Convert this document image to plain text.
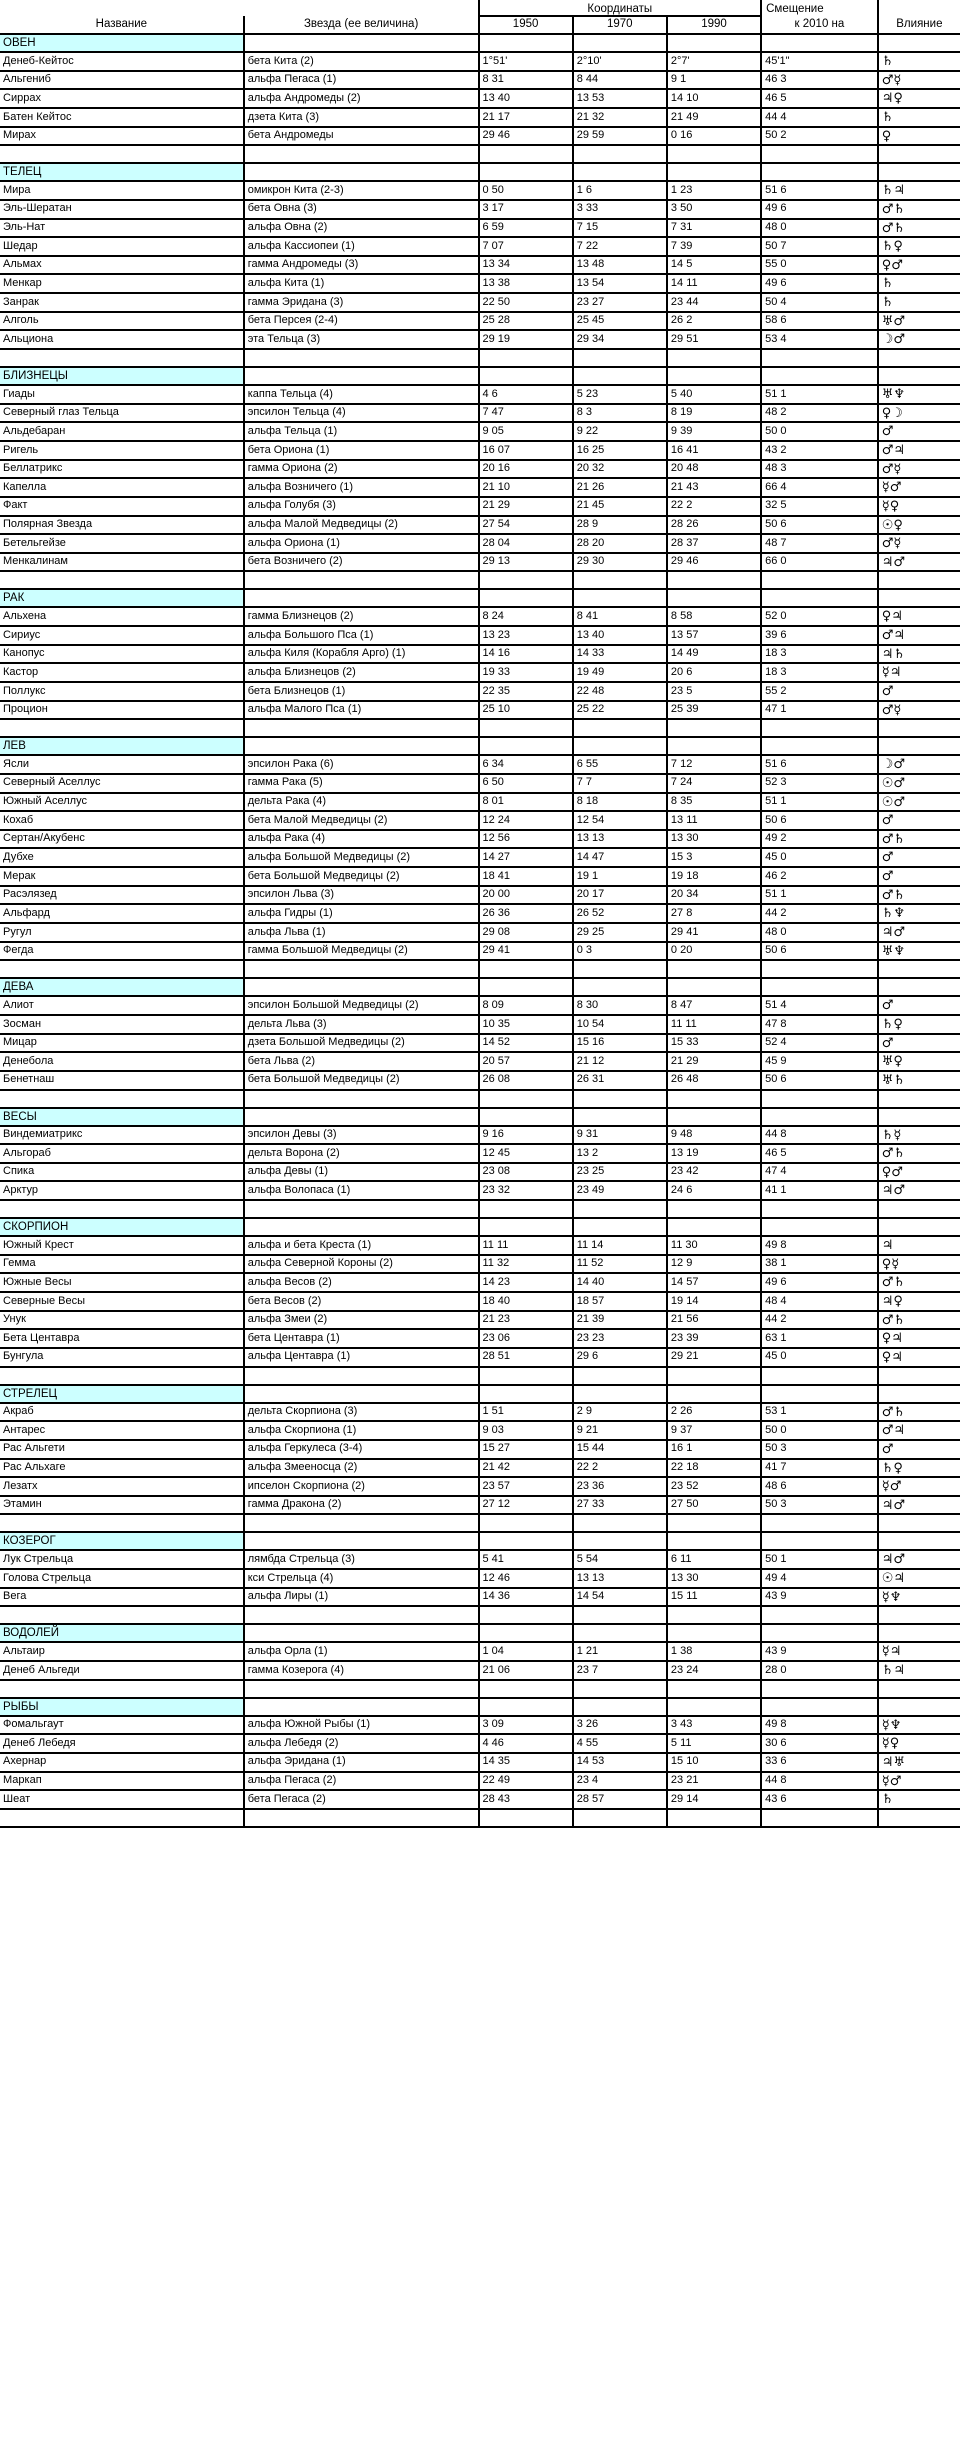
		Координаты			Смещение	
Название	Звезда (ее величина)	1950	1970	1990	к 2010 на	Влияние

ОВЕН						
Денеб-Кейтос	бета Кита (2)	1°51'	2°10'	2°7'	45'1"	♄
Альгениб	альфа Пегаса (1)	8 31	8 44	9 1	46 3	♂☿
Сиррах	альфа Андромеды (2)	13 40	13 53	14 10	46 5	♃♀
Батен Кейтос	дзета Кита (3)	21 17	21 32	21 49	44 4	♄
Мирах	бета Андромеды	29 46	29 59	0 16	50 2	♀

ТЕЛЕЦ						
Мира	омикрон Кита (2-3)	0 50	1 6	1 23	51 6	♄♃
Эль-Шератан	бета Овна (3)	3 17	3 33	3 50	49 6	♂♄
Эль-Нат	альфа Овна (2)	6 59	7 15	7 31	48 0	♂♄
Шедар	альфа Кассиопеи (1)	7 07	7 22	7 39	50 7	♄♀
Альмах	гамма Андромеды (3)	13 34	13 48	14 5	55 0	♀♂
Менкар	альфа Кита (1)	13 38	13 54	14 11	49 6	♄
Занрак	гамма Эридана (3)	22 50	23 27	23 44	50 4	♄
Алголь	бета Персея (2-4)	25 28	25 45	26 2	58 6	♅♂
Альциона	эта Тельца (3)	29 19	29 34	29 51	53 4	☽♂

БЛИЗНЕЦЫ						
Гиады	каппа Тельца (4)	4 6	5 23	5 40	51 1	♅♆
Северный глаз Тельца	эпсилон Тельца (4)	7 47	8 3	8 19	48 2	♀☽
Альдебаран	альфа Тельца (1)	9 05	9 22	9 39	50 0	♂
Ригель	бета Ориона (1)	16 07	16 25	16 41	43 2	♂♃
Беллатрикс	гамма Ориона (2)	20 16	20 32	20 48	48 3	♂☿
Капелла	альфа Возничего (1)	21 10	21 26	21 43	66 4	☿♂
Факт	альфа Голубя (3)	21 29	21 45	22 2	32 5	☿♀
Полярная Звезда	альфа Малой Медведицы (2)	27 54	28 9	28 26	50 6	☉♀
Бетельгейзе	альфа Ориона (1)	28 04	28 20	28 37	48 7	♂☿
Менкалинам	бета Возничего (2)	29 13	29 30	29 46	66 0	♃♂

РАК						
Альхена	гамма Близнецов (2)	8 24	8 41	8 58	52 0	♀♃
Сириус	альфа Большого Пса (1)	13 23	13 40	13 57	39 6	♂♃
Канопус	альфа Киля (Корабля Арго) (1)	14 16	14 33	14 49	18 3	♃♄
Кастор	альфа Близнецов (2)	19 33	19 49	20 6	18 3	☿♃
Поллукс	бета Близнецов (1)	22 35	22 48	23 5	55 2	♂
Процион	альфа Малого Пса (1)	25 10	25 22	25 39	47 1	♂☿

ЛЕВ						
Ясли	эпсилон Рака (6)	6 34	6 55	7 12	51 6	☽♂
Северный Аселлус	гамма Рака (5)	6 50	7 7	7 24	52 3	☉♂
Южный Аселлус	дельта Рака (4)	8 01	8 18	8 35	51 1	☉♂
Кохаб	бета Малой Медведицы (2)	12 24	12 54	13 11	50 6	♂
Сертан/Акубенс	альфа Рака (4)	12 56	13 13	13 30	49 2	♂♄
Дубхе	альфа Большой Медведицы (2)	14 27	14 47	15 3	45 0	♂
Мерак	бета Большой Медведицы (2)	18 41	19 1	19 18	46 2	♂
Расэлязед	эпсилон Льва (3)	20 00	20 17	20 34	51 1	♂♄
Альфард	альфа Гидры (1)	26 36	26 52	27 8	44 2	♄♆
Ругул	альфа Льва (1)	29 08	29 25	29 41	48 0	♃♂
Фегда	гамма Большой Медведицы (2)	29 41	0 3	0 20	50 6	♅♆

ДЕВА						
Алиот	эпсилон Большой Медведицы (2)	8 09	8 30	8 47	51 4	♂
Зосман	дельта Льва (3)	10 35	10 54	11 11	47 8	♄♀
Мицар	дзета Большой Медведицы (2)	14 52	15 16	15 33	52 4	♂
Денебола	бета Льва (2)	20 57	21 12	21 29	45 9	♅♀
Бенетнаш	бета Большой Медведицы (2)	26 08	26 31	26 48	50 6	♅♄

ВЕСЫ						
Виндемиатрикс	эпсилон Девы (3)	9 16	9 31	9 48	44 8	♄☿
Альгораб	дельта Ворона (2)	12 45	13 2	13 19	46 5	♂♄
Спика	альфа Девы (1)	23 08	23 25	23 42	47 4	♀♂
Арктур	альфа Волопаса (1)	23 32	23 49	24 6	41 1	♃♂

СКОРПИОН						
Южный Крест	альфа и бета Креста (1)	11 11	11 14	11 30	49 8	♃
Гемма	альфа Северной Короны (2)	11 32	11 52	12 9	38 1	♀☿
Южные Весы	альфа Весов (2)	14 23	14 40	14 57	49 6	♂♄
Северные Весы	бета Весов (2)	18 40	18 57	19 14	48 4	♃♀
Унук	альфа Змеи (2)	21 23	21 39	21 56	44 2	♂♄
Бета Центавра	бета Центавра (1)	23 06	23 23	23 39	63 1	♀♃
Бунгула	альфа Центавра (1)	28 51	29 6	29 21	45 0	♀♃

СТРЕЛЕЦ						
Акраб	дельта Скорпиона (3)	1 51	2 9	2 26	53 1	♂♄
Антарес	альфа Скорпиона (1)	9 03	9 21	9 37	50 0	♂♃
Рас Альгети	альфа Геркулеса (3-4)	15 27	15 44	16 1	50 3	♂
Рас Альхаге	альфа Змееносца (2)	21 42	22 2	22 18	41 7	♄♀
Лезатх	ипселон Скорпиона (2)	23 57	23 36	23 52	48 6	☿♂
Этамин	гамма Дракона (2)	27 12	27 33	27 50	50 3	♃♂

КОЗЕРОГ						
Лук Стрельца	лямбда Стрельца (3)	5 41	5 54	6 11	50 1	♃♂
Голова Стрельца	кси Стрельца (4)	12 46	13 13	13 30	49 4	☉♃
Вега	альфа Лиры (1)	14 36	14 54	15 11	43 9	☿♆

ВОДОЛЕЙ						
Альтаир	альфа Орла (1)	1 04	1 21	1 38	43 9	☿♃
Денеб Альгеди	гамма Козерога (4)	21 06	23 7	23 24	28 0	♄♃

РЫБЫ						
Фомальгаут	альфа Южной Рыбы (1)	3 09	3 26	3 43	49 8	☿♆
Денеб Лебедя	альфа Лебедя (2)	4 46	4 55	5 11	30 6	☿♀
Ахернар	альфа Эридана (1)	14 35	14 53	15 10	33 6	♃♅
Маркап	альфа Пегаса (2)	22 49	23 4	23 21	44 8	☿♂
Шеат	бета Пегаса (2)	28 43	28 57	29 14	43 6	♄
